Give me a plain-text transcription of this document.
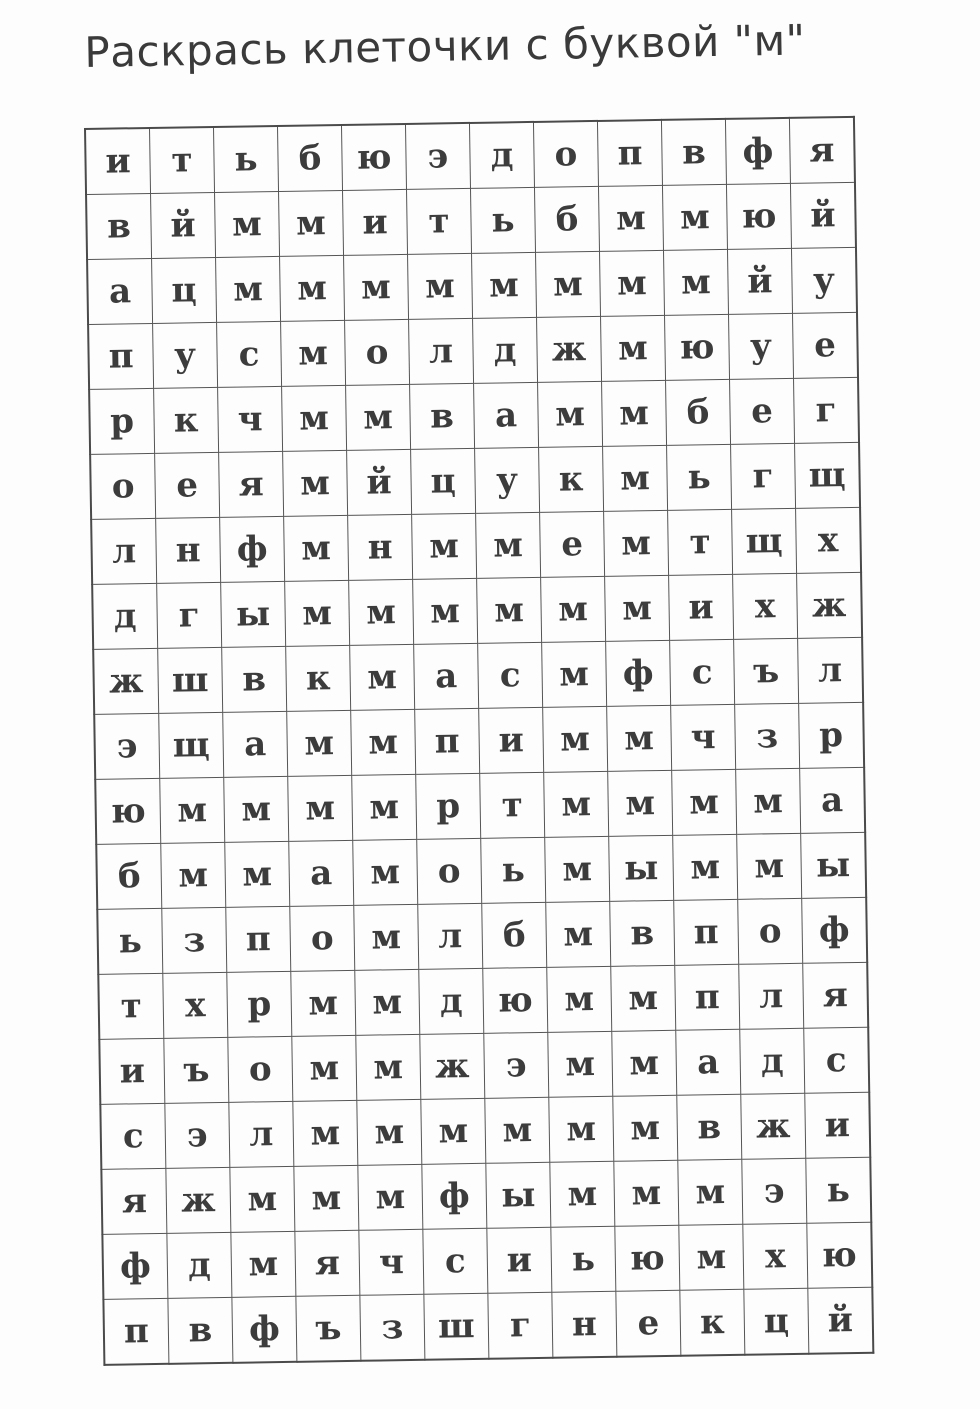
Раскрась клеточки с буквой "м"
и	т	ь	б	ю	э	д	о	п	в	ф	я
в	й	м	м	и	т	ь	б	м	м	ю	й
а	ц	м	м	м	м	м	м	м	м	й	у
п	у	с	м	о	л	д	ж	м	ю	у	е
р	к	ч	м	м	в	а	м	м	б	е	г
о	е	я	м	й	ц	у	к	м	ь	г	щ
л	н	ф	м	н	м	м	е	м	т	щ	х
д	г	ы	м	м	м	м	м	м	и	х	ж
ж	ш	в	к	м	а	с	м	ф	с	ъ	л
э	щ	а	м	м	п	и	м	м	ч	з	р
ю	м	м	м	м	р	т	м	м	м	м	а
б	м	м	а	м	о	ь	м	ы	м	м	ы
ь	з	п	о	м	л	б	м	в	п	о	ф
т	х	р	м	м	д	ю	м	м	п	л	я
и	ъ	о	м	м	ж	э	м	м	а	д	с
с	э	л	м	м	м	м	м	м	в	ж	и
я	ж	м	м	м	ф	ы	м	м	м	э	ь
ф	д	м	я	ч	с	и	ь	ю	м	х	ю
п	в	ф	ъ	з	ш	г	н	е	к	ц	й
